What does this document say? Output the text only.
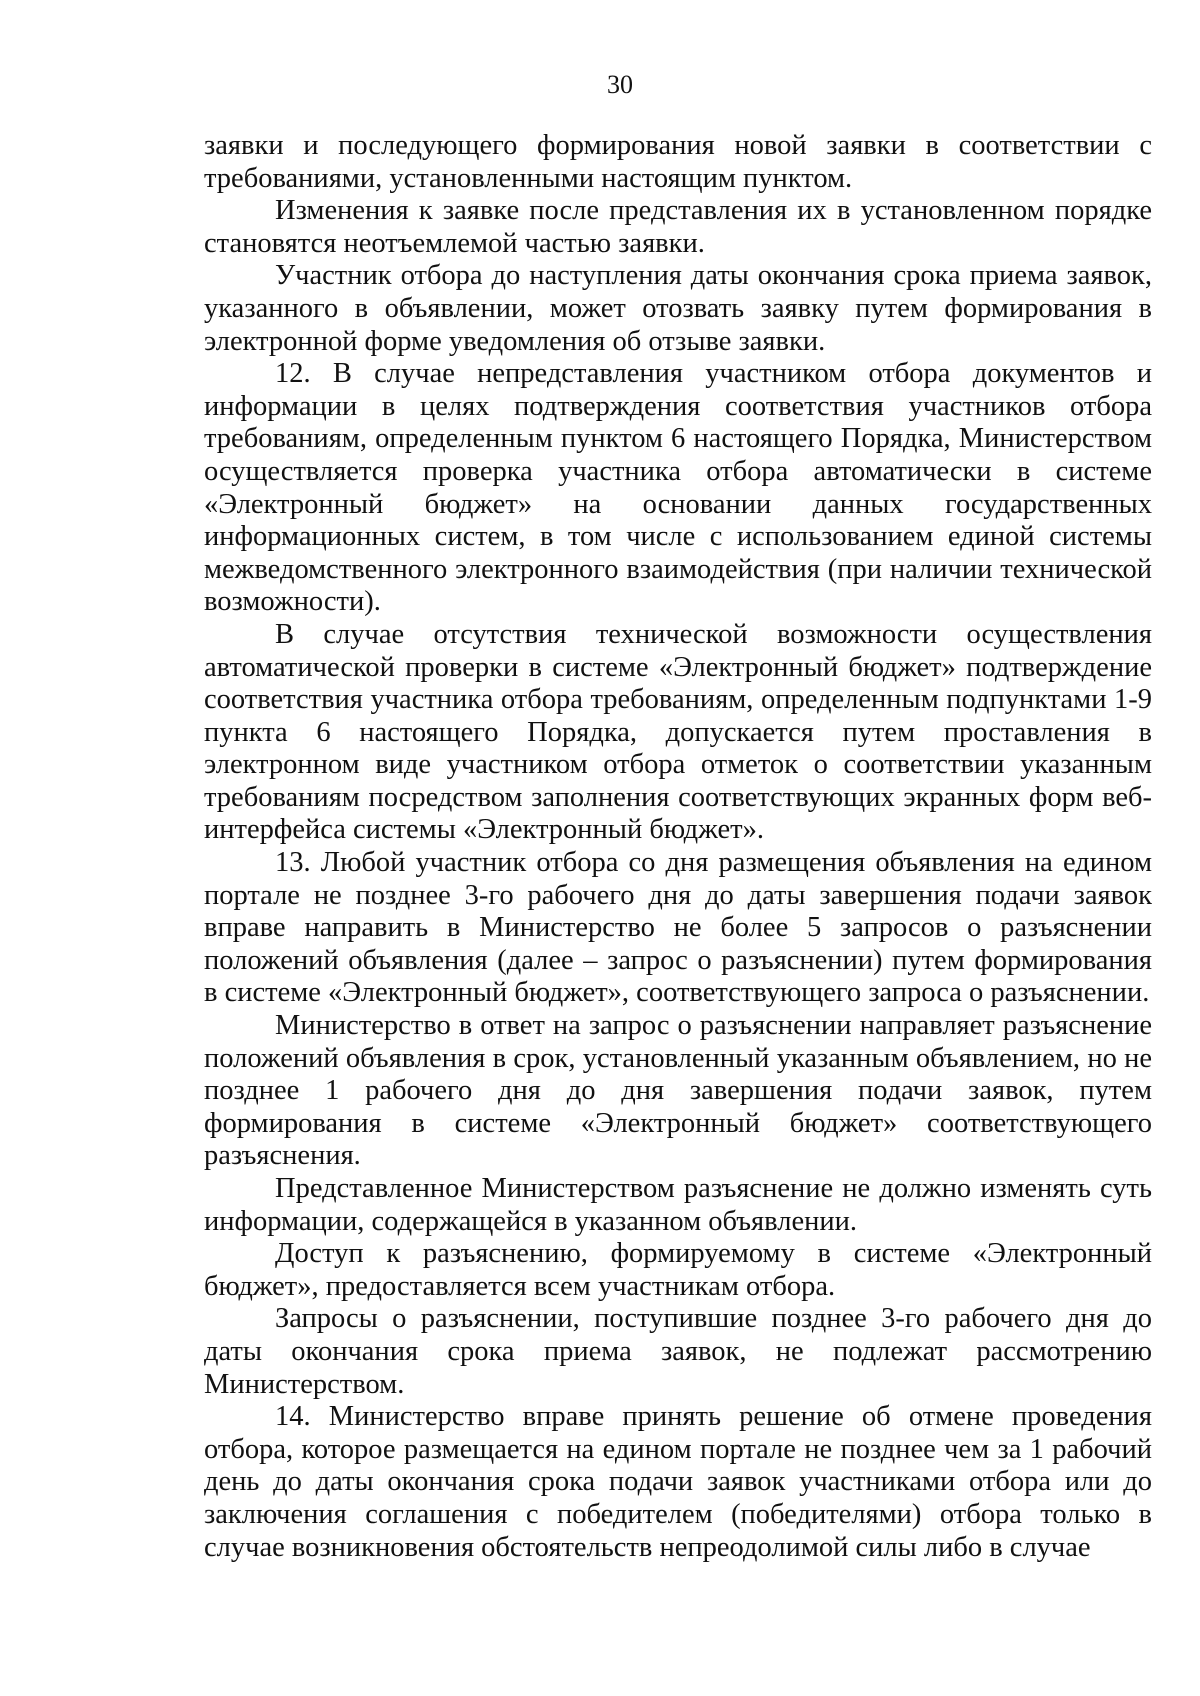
30

заявки и последующего формирования новой заявки в соответствии с требованиями, установленными настоящим пунктом.

Изменения к заявке после представления их в установленном порядке становятся неотъемлемой частью заявки.

Участник отбора до наступления даты окончания срока приема заявок, указанного в объявлении, может отозвать заявку путем формирования в электронной форме уведомления об отзыве заявки.

12. В случае непредставления участником отбора документов и информации в целях подтверждения соответствия участников отбора требованиям, определенным пунктом 6 настоящего Порядка, Министерством осуществляется проверка участника отбора автоматически в системе «Электронный бюджет» на основании данных государственных информационных систем, в том числе с использованием единой системы межведомственного электронного взаимодействия (при наличии технической возможности).

В случае отсутствия технической возможности осуществления автоматической проверки в системе «Электронный бюджет» подтверждение соответствия участника отбора требованиям, определенным подпунктами 1-9 пункта 6 настоящего Порядка, допускается путем проставления в электронном виде участником отбора отметок о соответствии указанным требованиям посредством заполнения соответствующих экранных форм веб-интерфейса системы «Электронный бюджет».

13. Любой участник отбора со дня размещения объявления на едином портале не позднее 3-го рабочего дня до даты завершения подачи заявок вправе направить в Министерство не более 5 запросов о разъяснении положений объявления (далее – запрос о разъяснении) путем формирования в системе «Электронный бюджет», соответствующего запроса о разъяснении.

Министерство в ответ на запрос о разъяснении направляет разъяснение положений объявления в срок, установленный указанным объявлением, но не позднее 1 рабочего дня до дня завершения подачи заявок, путем формирования в системе «Электронный бюджет» соответствующего разъяснения.

Представленное Министерством разъяснение не должно изменять суть информации, содержащейся в указанном объявлении.

Доступ к разъяснению, формируемому в системе «Электронный бюджет», предоставляется всем участникам отбора.

Запросы о разъяснении, поступившие позднее 3-го рабочего дня до даты окончания срока приема заявок, не подлежат рассмотрению Министерством.

14. Министерство вправе принять решение об отмене проведения отбора, которое размещается на едином портале не позднее чем за 1 рабочий день до даты окончания срока подачи заявок участниками отбора или до заключения соглашения с победителем (победителями) отбора только в случае возникновения обстоятельств непреодолимой силы либо в случае
